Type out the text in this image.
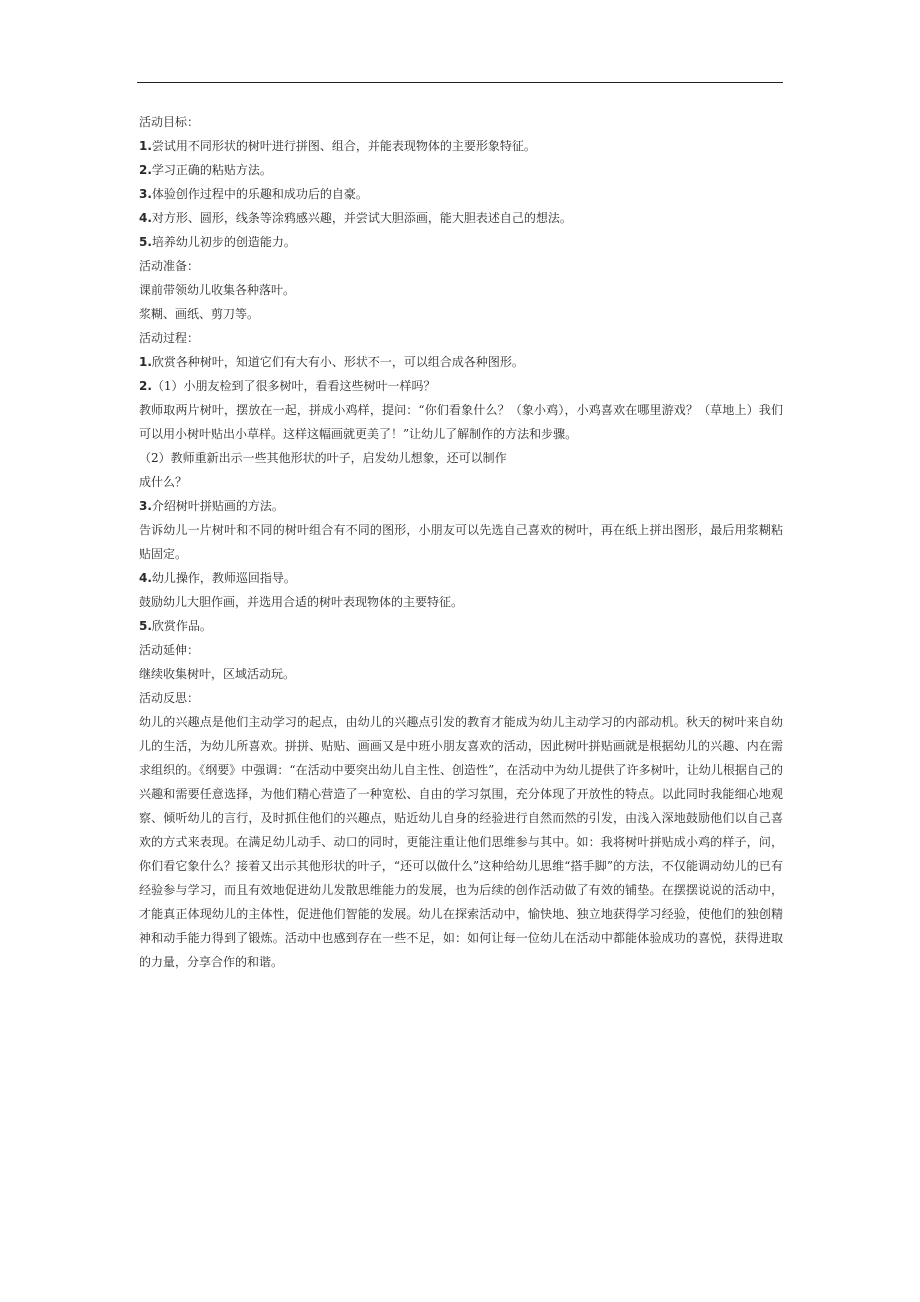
活动目标：
1.尝试用不同形状的树叶进行拼图、组合，并能表现物体的主要形象特征。
2.学习正确的粘贴方法。
3.体验创作过程中的乐趣和成功后的自豪。
4.对方形、圆形，线条等涂鸦感兴趣，并尝试大胆添画，能大胆表述自己的想法。
5.培养幼儿初步的创造能力。
活动准备：
课前带领幼儿收集各种落叶。
浆糊、画纸、剪刀等。
活动过程：
1.欣赏各种树叶，知道它们有大有小、形状不一，可以组合成各种图形。
2.（1）小朋友检到了很多树叶，看看这些树叶一样吗？
教师取两片树叶，摆放在一起，拼成小鸡样，提问：“你们看象什么？（象小鸡），小鸡喜欢在哪里游戏？（草地上）我们可以用小树叶贴出小草样。这样这幅画就更美了！”让幼儿了解制作的方法和步骤。
（2）教师重新出示一些其他形状的叶子，启发幼儿想象，还可以制作
成什么？
3.介绍树叶拼贴画的方法。
告诉幼儿一片树叶和不同的树叶组合有不同的图形，小朋友可以先选自己喜欢的树叶，再在纸上拼出图形，最后用浆糊粘贴固定。
4.幼儿操作，教师巡回指导。
鼓励幼儿大胆作画，并选用合适的树叶表现物体的主要特征。
5.欣赏作品。
活动延伸：
继续收集树叶，区域活动玩。
活动反思：
幼儿的兴趣点是他们主动学习的起点，由幼儿的兴趣点引发的教育才能成为幼儿主动学习的内部动机。秋天的树叶来自幼儿的生活，为幼儿所喜欢。拼拼、贴贴、画画又是中班小朋友喜欢的活动，因此树叶拼贴画就是根据幼儿的兴趣、内在需求组织的。《纲要》中强调：“在活动中要突出幼儿自主性、创造性”，在活动中为幼儿提供了许多树叶，让幼儿根据自己的兴趣和需要任意选择，为他们精心营造了一种宽松、自由的学习氛围，充分体现了开放性的特点。以此同时我能细心地观察、倾听幼儿的言行，及时抓住他们的兴趣点，贴近幼儿自身的经验进行自然而然的引发，由浅入深地鼓励他们以自己喜欢的方式来表现。在满足幼儿动手、动口的同时，更能注重让他们思维参与其中。如：我将树叶拼贴成小鸡的样子，问，你们看它象什么？接着又出示其他形状的叶子，“还可以做什么”这种给幼儿思维“搭手脚”的方法，不仅能调动幼儿的已有经验参与学习，而且有效地促进幼儿发散思维能力的发展，也为后续的创作活动做了有效的铺垫。在摆摆说说的活动中，才能真正体现幼儿的主体性，促进他们智能的发展。幼儿在探索活动中，愉快地、独立地获得学习经验，使他们的独创精神和动手能力得到了锻炼。活动中也感到存在一些不足，如：如何让每一位幼儿在活动中都能体验成功的喜悦，获得进取的力量，分享合作的和谐。
